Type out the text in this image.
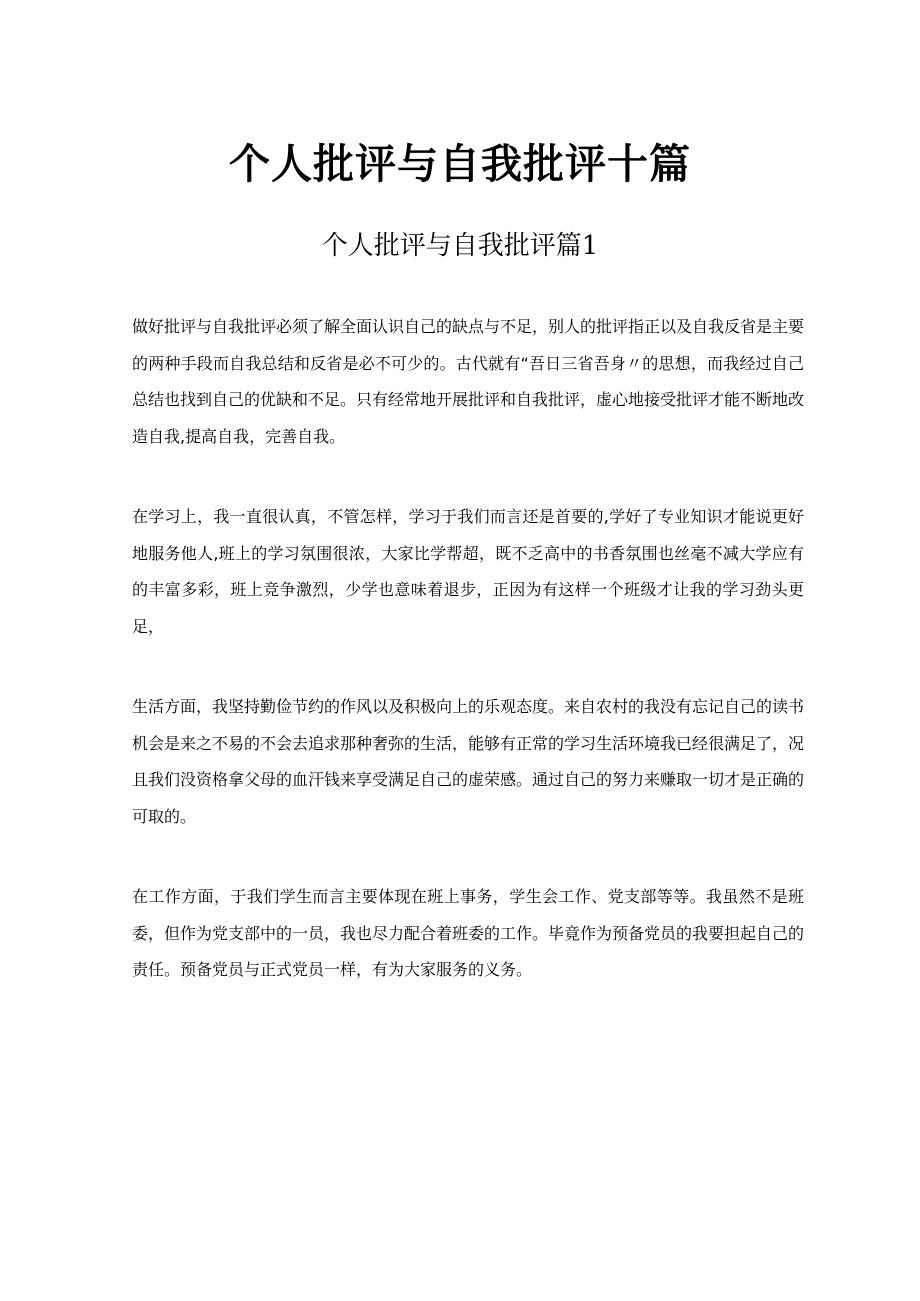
个人批评与自我批评十篇
个人批评与自我批评篇1

做好批评与自我批评必须了解全面认识自己的缺点与不足，别人的批评指正以及自我反省是主要的两种手段而自我总结和反省是必不可少的。古代就有“吾日三省吾身〃的思想，而我经过自己总结也找到自己的优缺和不足。只有经常地开展批评和自我批评，虚心地接受批评才能不断地改造自我,提高自我，完善自我。

在学习上，我一直很认真，不管怎样，学习于我们而言还是首要的,学好了专业知识才能说更好地服务他人,班上的学习氛围很浓，大家比学帮超，既不乏高中的书香氛围也丝毫不减大学应有的丰富多彩，班上竞争激烈，少学也意味着退步，正因为有这样一个班级才让我的学习劲头更足，

生活方面，我坚持勤俭节约的作风以及积极向上的乐观态度。来自农村的我没有忘记自己的读书机会是来之不易的不会去追求那种奢弥的生活，能够有正常的学习生活环境我已经很满足了，况且我们没资格拿父母的血汗钱来享受满足自己的虚荣感。通过自己的努力来赚取一切才是正确的可取的。

在工作方面，于我们学生而言主要体现在班上事务，学生会工作、党支部等等。我虽然不是班委，但作为党支部中的一员，我也尽力配合着班委的工作。毕竟作为预备党员的我要担起自己的责任。预备党员与正式党员一样，有为大家服务的义务。
